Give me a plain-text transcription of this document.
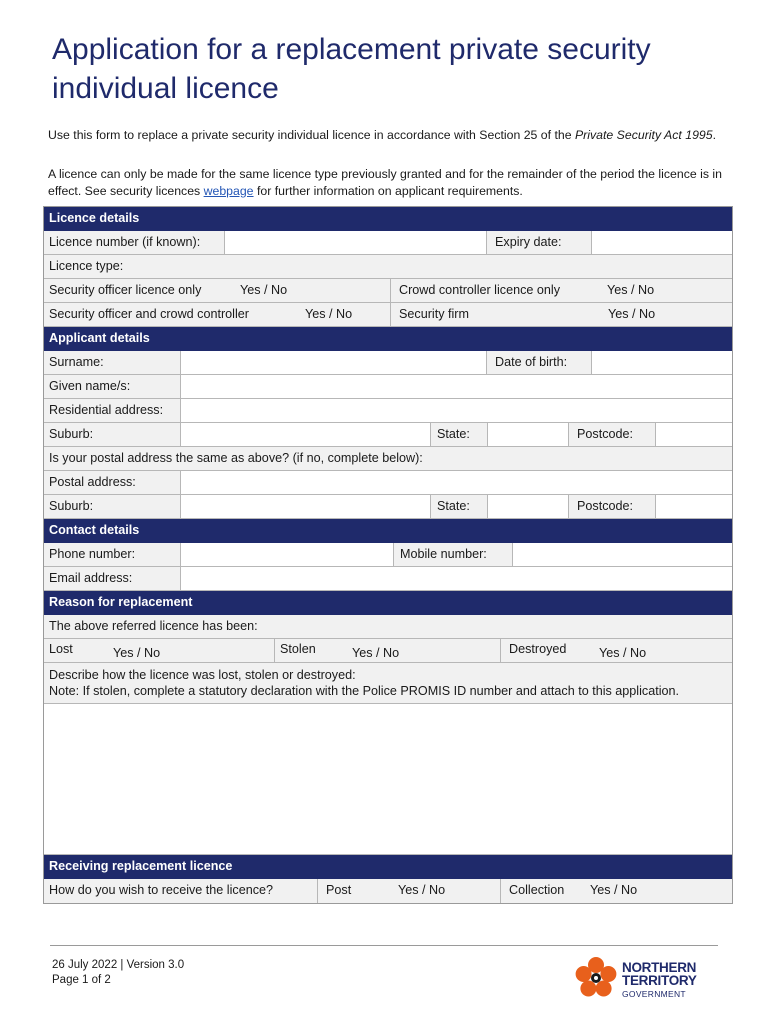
Application for a replacement private security individual licence

Use this form to replace a private security individual licence in accordance with Section 25 of the Private Security Act 1995.

A licence can only be made for the same licence type previously granted and for the remainder of the period the licence is in effect. See security licences webpage for further information on applicant requirements.

Licence details
Licence number (if known):	Expiry date:
Licence type:
Security officer licence only	Yes / No	Crowd controller licence only	Yes / No
Security officer and crowd controller	Yes / No	Security firm	Yes / No
Applicant details
Surname:	Date of birth:
Given name/s:
Residential address:
Suburb:	State:	Postcode:
Is your postal address the same as above? (if no, complete below):
Postal address:
Suburb:	State:	Postcode:
Contact details
Phone number:	Mobile number:
Email address:
Reason for replacement
The above referred licence has been:
Lost	Yes / No	Stolen	Yes / No	Destroyed	Yes / No
Describe how the licence was lost, stolen or destroyed:
Note: If stolen, complete a statutory declaration with the Police PROMIS ID number and attach to this application.
Receiving replacement licence
How do you wish to receive the licence?	Post	Yes / No	Collection Yes / No

26 July 2022 | Version 3.0

Page 1 of 2

NORTHERN
TERRITORY
GOVERNMENT
